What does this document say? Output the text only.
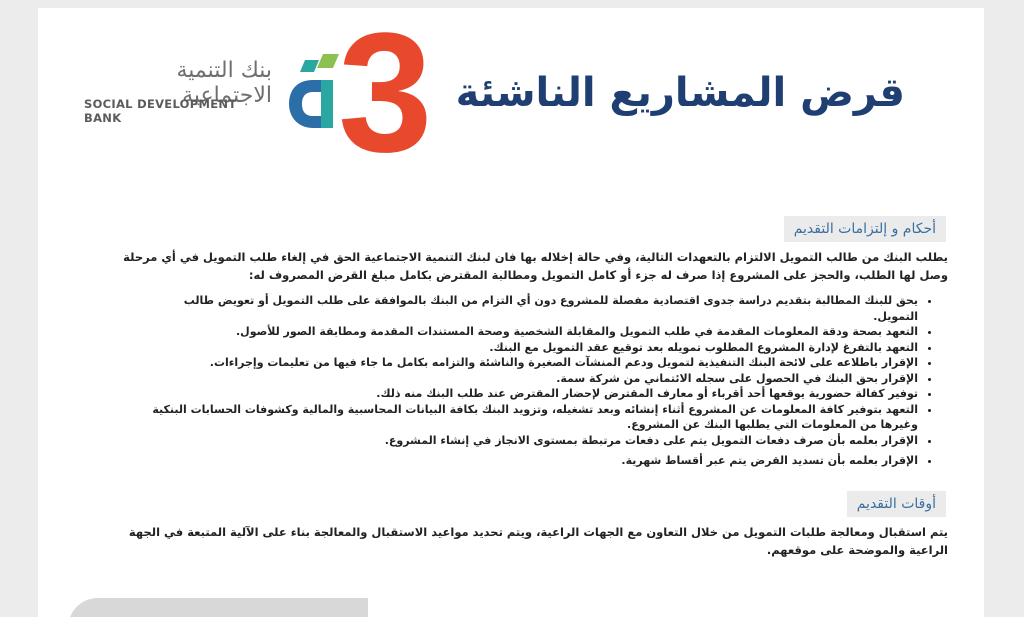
بنك التنمية الاجتماعية
SOCIAL DEVELOPMENT BANK	3 قرض المشاريع الناشئة
أحكام و إلتزامات التقديم
يطلب البنك من طالب التمويل الالتزام بالتعهدات التالية، وفي حالة إخلاله بها فان لبنك التنمية الاجتماعية الحق في إلغاء طلب التمويل في أي مرحلة وصل لها الطلب، والحجز على المشروع إذا صرف له جزء أو كامل التمويل ومطالبة المقترض بكامل مبلغ القرض المصروف له:
• يحق للبنك المطالبة بتقديم دراسة جدوى اقتصادية مفصلة للمشروع دون أي التزام من البنك بالموافقة على طلب التمويل أو تعويض طالب التمويل.
• التعهد بصحة ودقة المعلومات المقدمة في طلب التمويل والمقابلة الشخصية وصحة المستندات المقدمة ومطابقة الصور للأصول.
• التعهد بالتفرغ لإدارة المشروع المطلوب تمويله بعد توقيع عقد التمويل مع البنك.
• الإقرار باطلاعه على لائحة البنك التنفيذية لتمويل ودعم المنشآت الصغيرة والناشئة والتزامه بكامل ما جاء فيها من تعليمات وإجراءات.
• الإقرار بحق البنك في الحصول على سجله الائتماني من شركة سمة.
• توفير كفالة حضورية يوقعها أحد أقرباء أو معارف المقترض لإحضار المقترض عند طلب البنك منه ذلك.
• التعهد بتوفير كافة المعلومات عن المشروع أثناء إنشائه وبعد تشغيله، وتزويد البنك بكافة البيانات المحاسبية والمالية وكشوفات الحسابات البنكية وغيرها من المعلومات التي يطلبها البنك عن المشروع.
• الإقرار بعلمه بأن صرف دفعات التمويل يتم على دفعات مرتبطة بمستوى الانجاز في إنشاء المشروع.
• الإقرار بعلمه بأن تسديد القرض يتم عبر أقساط شهرية.
أوقات التقديم
يتم استقبال ومعالجة طلبات التمويل من خلال التعاون مع الجهات الراعية، ويتم تحديد مواعيد الاستقبال والمعالجة بناء على الآلية المتبعة في الجهة الراعية والموضحة على موقعهم.
